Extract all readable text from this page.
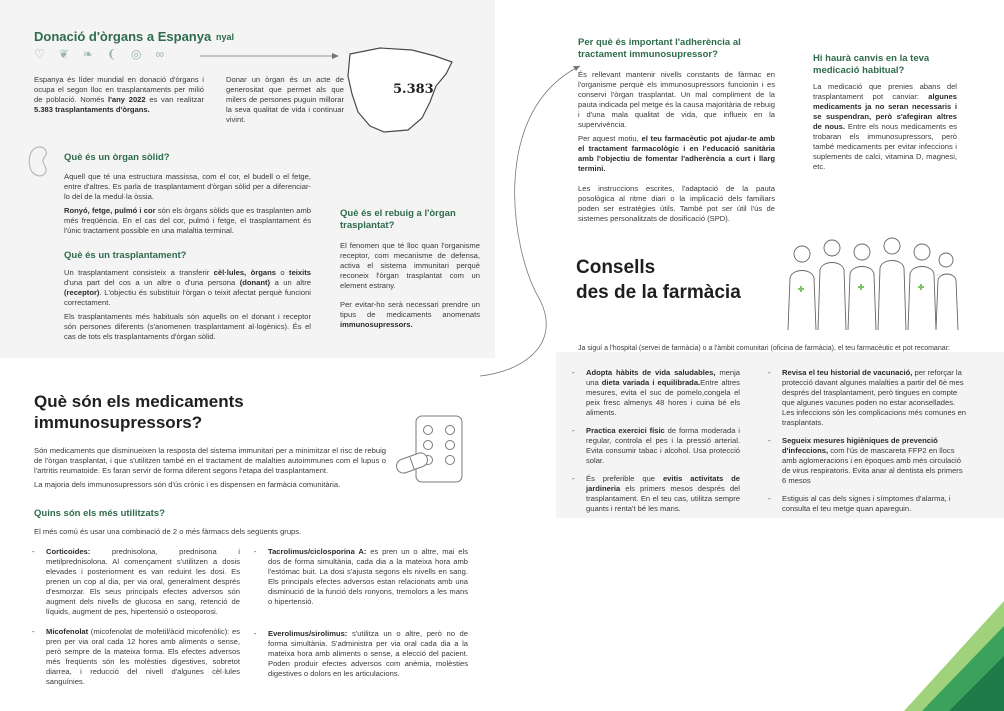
Donació d'òrgans a Espanya nyal
♡❦❧❨◎∞
5.383
Espanya és líder mundial en donació d'òrgans i ocupa el segon lloc en trasplantaments per milió de població. Només l'any 2022 es van realitzar 5.383 trasplantaments d'òrgans.
Donar un òrgan és un acte de generositat que permet als que milers de persones puguin millorar la seva qualitat de vida i continuar vivint.
Què és un òrgan sòlid?

Aquell que té una estructura massissa, com el cor, el budell o el fetge, entre d'altres. Es parla de trasplantament d'òrgan sòlid per a diferenciar-lo del de la medul·la òssia.

Ronyó, fetge, pulmó i cor són els òrgans sòlids que es trasplanten amb més freqüència. En el cas del cor, pulmó i fetge, el trasplantament és l'únic tractament possible en una malaltia terminal.

Què és un trasplantament?

Un trasplantament consisteix a transferir cèl·lules, òrgans o teixits d'una part del cos a un altre o d'una persona (donant) a un altre (receptor). L'objectiu és substituir l'òrgan o teixit afectat perquè funcioni correctament.

Els trasplantaments més habituals són aquells on el donant i receptor són persones diferents (s'anomenen trasplantament al·logènics). És el cas de tots els trasplantaments d'òrgan sòlid.

Què és el rebuig a l'òrgan trasplantat?

El fenomen que té lloc quan l'organisme receptor, com mecanisme de defensa, activa el sistema immunitari perquè reconeix l'òrgan trasplantat com un element estrany.

Per evitar-ho serà necessari prendre un tipus de medicaments anomenats immunosupressors.

Per què és important l'adherència al tractament immunosupressor?

És rellevant mantenir nivells constants de fàrmac en l'organisme perquè els immunosupressors funcionin i es conservi l'òrgan trasplantat. Un mal compliment de la pauta indicada pel metge és la causa majoritària de rebuig i d'una mala qualitat de vida, que influeix en la supervivència.

Per aquest motiu, el teu farmacèutic pot ajudar-te amb el tractament farmacològic i en l'educació sanitària amb l'objectiu de fomentar l'adherència a curt i llarg termini.

Les instruccions escrites, l'adaptació de la pauta posològica al ritme diari o la implicació dels familiars poden ser estratègies útils. També pot ser útil l'ús de sistemes personalitzats de dosificació (SPD).

Hi haurà canvis en la teva medicació habitual?
La medicació que prenies abans del trasplantament pot canviar: algunes medicaments ja no seran necessaris i se suspendran, però s'afegiran altres de nous. Entre els nous medicaments es trobaran els immunosupressors, però també medicaments per evitar infeccions i suplements de calci, vitamina D, magnesi, etc.
Consells
des de la farmàcia
Ja siguí a l'hospital (servei de farmàcia) o a l'àmbit comunitari (oficina de farmàcia), el teu farmacèutic et pot recomanar:
- Adopta hàbits de vida saludables, menja una dieta variada i equilibrada.Entre altres mesures, evita el suc de pomelo,congela el peix fresc almenys 48 hores i cuina bé els aliments.
- Practica exercici físic de forma moderada i regular, controla el pes i la pressió arterial. Evita consumir tabac i alcohol. Usa protecció solar.
- És preferible que evitis activitats de jardineria els primers mesos després del trasplantament. En el teu cas, utilitza sempre guants i renta't bé les mans.
- Revisa el teu historial de vacunació, per reforçar la protecció davant algunes malalties a partir del 6è mes després del trasplantament, però tingues en compte que algunes vacunes poden no estar aconsellades. Les infeccions són les complicacions més comunes en trasplantats.
- Segueix mesures higièniques de prevenció d'infeccions, com l'ús de mascareta FFP2 en llocs amb aglomeracions i en èpoques amb més circulació de virus respiratoris. Evita anar al dentista els primers 6 mesos
- Estiguis al cas dels signes i símptomes d'alarma, i consulta el teu metge quan apareguin.
Què són els medicaments
immunosupressors?

Són medicaments que disminueixen la resposta del sistema immunitari per a minimitzar el risc de rebuig de l'òrgan trasplantat, i que s'utilitzen també en el tractament de malalties autoimmunes com el lupus o l'artritis reumatoide. Es faran servir de forma diferent segons l'etapa del trasplantament.

La majoria dels immunosupressors són d'ús crònic i es dispensen en farmàcia comunitària.

Quins són els més utilitzats?
El més comú és usar una combinació de 2 o més fàrmacs dels següents grups.
- Corticoides: prednisolona, prednisona i metilprednisolona. Al començament s'utilitzen a dosis elevades i posteriorment es van reduint les dosi. Es prenen un cop al dia, per via oral, generalment després d'esmorzar. Els seus principals efectes adversos són augment dels nivells de glucosa en sang, retenció de líquids, augment de pes, hipertensió o osteoporosi.
- Micofenolat (micofenolat de mofetil/àcid micofenòlic): es pren per via oral cada 12 hores amb aliments o sense, però sempre de la mateixa forma. Els efectes adversos més freqüents són les molèsties digestives, sobretot diarrea, i reducció del nivell d'algunes cèl·lules sanguínies.
- Tacrolimus/ciclosporina A: es pren un o altre, mai els dos de forma simultània, cada dia a la mateixa hora amb l'estómac buit. La dosi s'ajusta segons els nivells en sang. Els principals efectes adversos estan relacionats amb una disminució de la funció dels ronyons, tremolors a les mans o hipertensió.
- Everolimus/sirolimus: s'utilitza un o altre, però no de forma simultània. S'administra per via oral cada dia a la mateixa hora amb aliments o sense, a elecció del pacient. Poden produir efectes adversos com anèmia, molèsties digestives o dolors en les articulacions.
